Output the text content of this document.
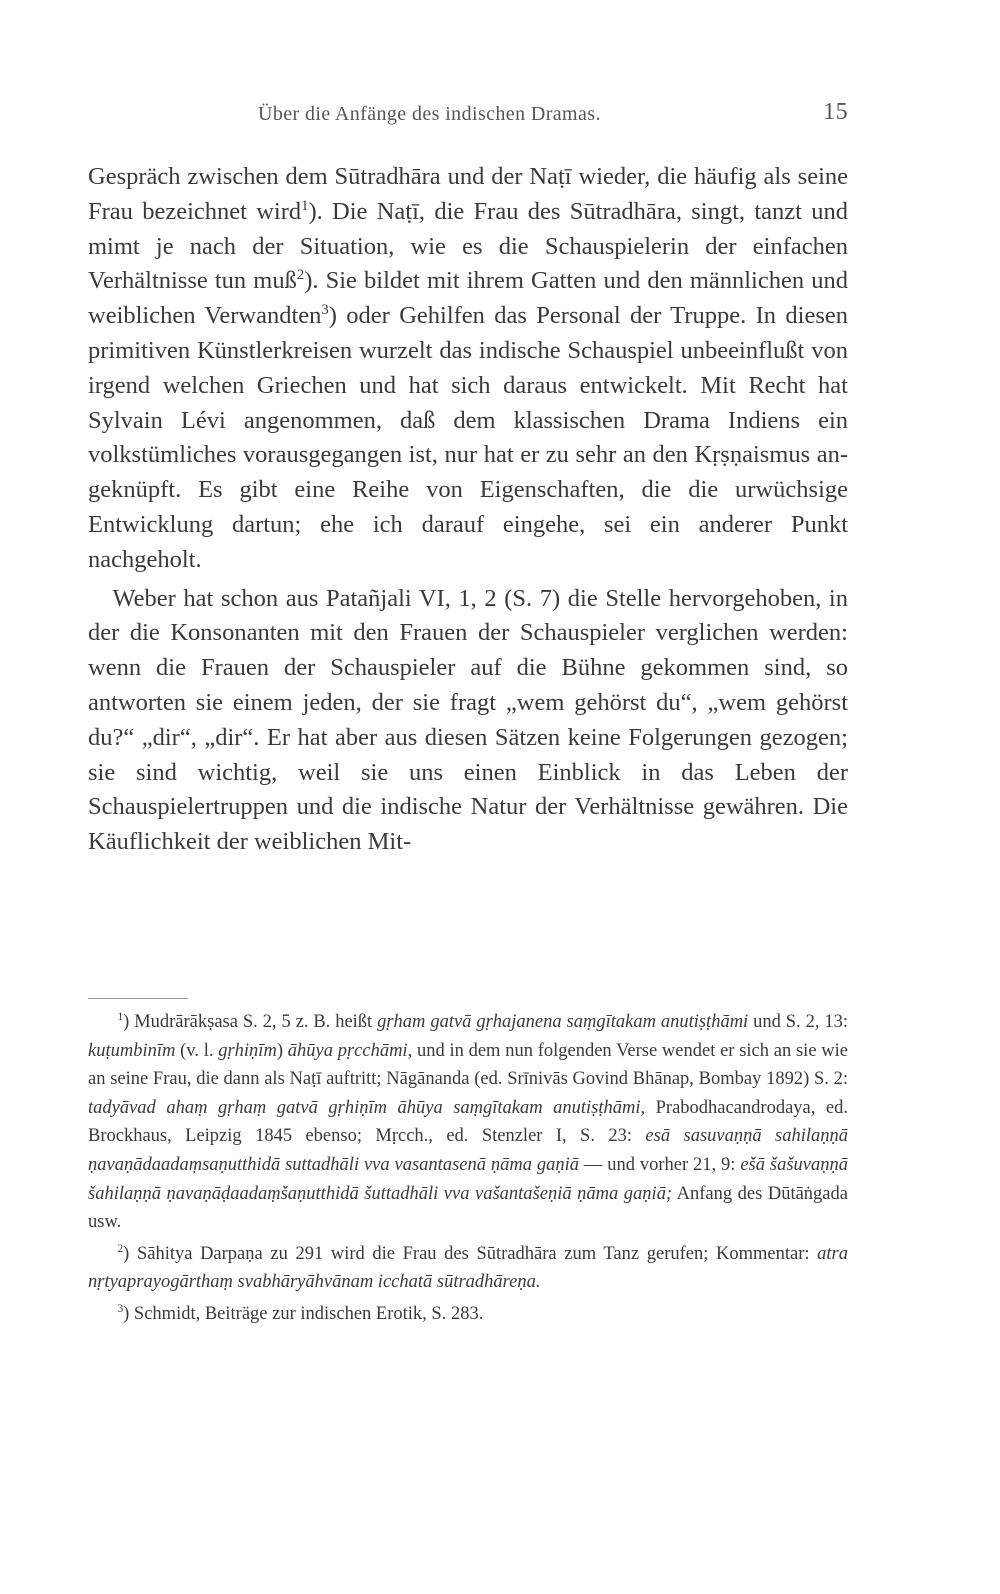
Über die Anfänge des indischen Dramas.	15

Gespräch zwischen dem Sūtradhāra und der Naṭī wieder, die häufig als seine Frau bezeichnet wird$^1$). Die Naṭī, die Frau des Sūtradhāra, singt, tanzt und mimt je nach der Situation, wie es die Schauspielerin der einfachen Verhältnisse tun muß$^2$). Sie bildet mit ihrem Gatten und den männlichen und weiblichen Verwandten$^3$) oder Gehilfen das Personal der Truppe. In diesen primitiven Künstlerkreisen wurzelt das indische Schauspiel unbeeinflußt von irgend welchen Griechen und hat sich daraus entwickelt. Mit Recht hat Sylvain Lévi angenommen, daß dem klassischen Drama Indiens ein volkstümliches vorausgegangen ist, nur hat er zu sehr an den Kṛṣṇaismus angeknüpft. Es gibt eine Reihe von Eigenschaften, die die urwüchsige Entwicklung dartun; ehe ich darauf eingehe, sei ein anderer Punkt nachgeholt.

Weber hat schon aus Patañjali VI, 1, 2 (S. 7) die Stelle hervorgehoben, in der die Konsonanten mit den Frauen der Schauspieler verglichen werden: wenn die Frauen der Schauspieler auf die Bühne gekommen sind, so antworten sie einem jeden, der sie fragt „wem gehörst du“, „wem gehörst du?“ „dir“, „dir“. Er hat aber aus diesen Sätzen keine Folgerungen gezogen; sie sind wichtig, weil sie uns einen Einblick in das Leben der Schauspielertruppen und die indische Natur der Verhältnisse gewähren. Die Käuflichkeit der weiblichen Mit-

$^1$) Mudrārākṣasa S. 2, 5 z. B. heißt gṛham gatvā gṛhajanena saṃgītakam anutiṣṭhāmi und S. 2, 13: kuṭumbinīm (v. l. gṛhiṇīm) āhūya pṛcchāmi, und in dem nun folgenden Verse wendet er sich an sie wie an seine Frau, die dann als Naṭī auftritt; Nāgānanda (ed. Srīnivās Govind Bhānap, Bombay 1892) S. 2: tadyāvad ahaṃ gṛhaṃ gatvā gṛhiṇīm āhūya saṃgītakam anutiṣṭhāmi, Prabodhacandrodaya, ed. Brockhaus, Leipzig 1845 ebenso; Mṛcch., ed. Stenzler I, S. 23: esā sasuvaṇṇā sahilaṇṇā ṇavaṇādaadaṃsaṇutthidā suttadhāli vva vasantasenā ṇāma gaṇiā — und vorher 21, 9: ešā šašuvaṇṇā šahilaṇṇā ṇavaṇāḍaadaṃšaṇutthidā šuttadhāli vva vašantašeṇiā ṇāma gaṇiā; Anfang des Dūtāṅgada usw.

$^2$) Sāhitya Darpaṇa zu 291 wird die Frau des Sūtradhāra zum Tanz gerufen; Kommentar: atra nṛtyaprayogārthaṃ svabhāryāhvānam icchatā sūtradhāreṇa.

$^3$) Schmidt, Beiträge zur indischen Erotik, S. 283.
